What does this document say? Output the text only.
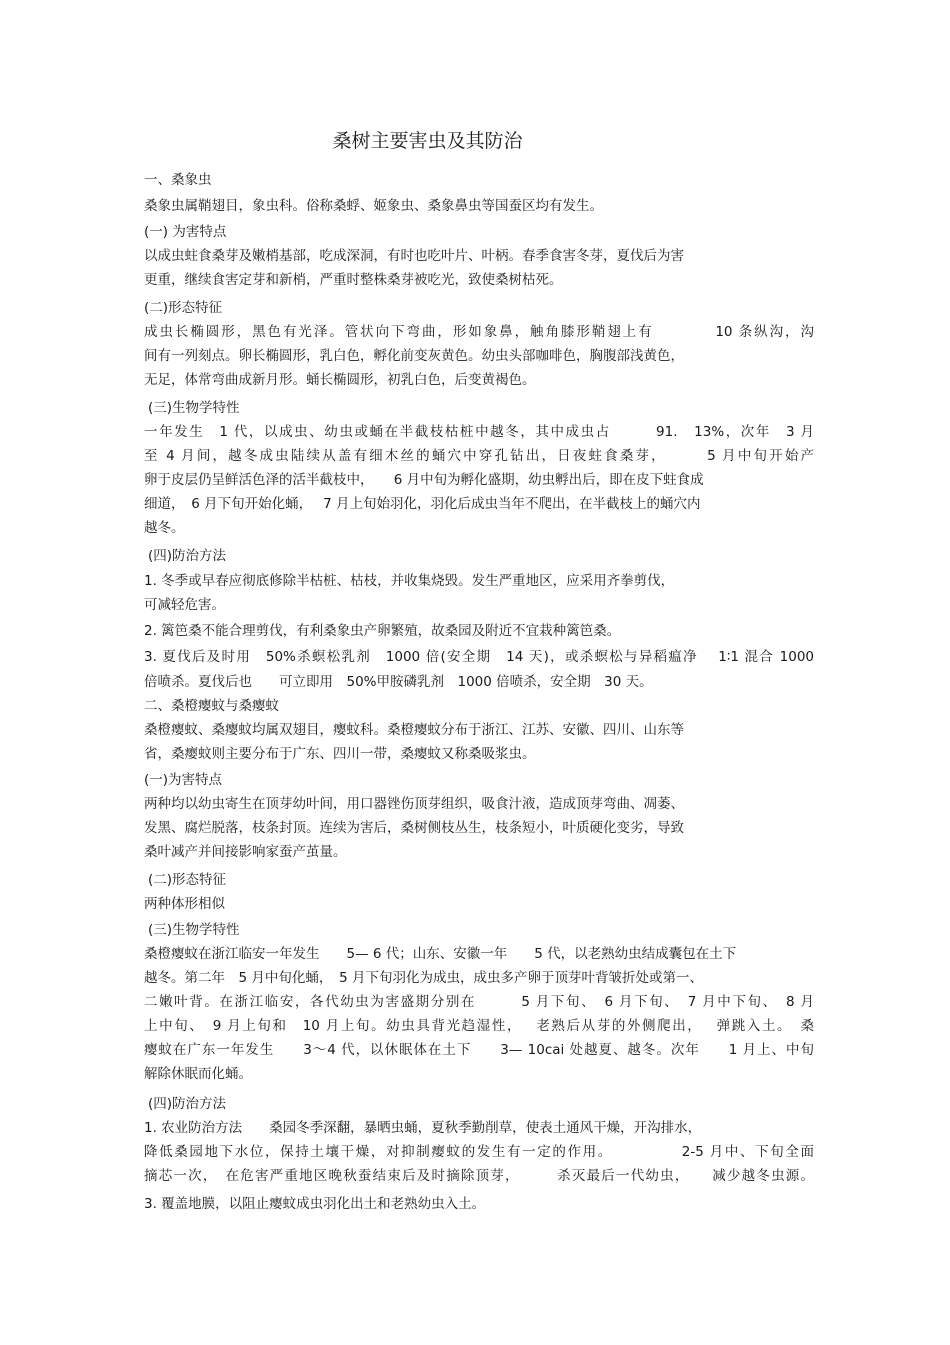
桑树主要害虫及其防治
一、桑象虫
桑象虫属鞘翅目，象虫科。俗称桑蜉、姬象虫、桑象鼻虫等国蚕区均有发生。
(一) 为害特点
以成虫蛀食桑芽及嫩梢基部，吃成深洞，有时也吃叶片、叶柄。春季食害冬芽，夏伐后为害
更重，继续食害定芽和新梢，严重时整株桑芽被吃光，致使桑树枯死。
(二)形态特征
成虫长椭圆形，黑色有光泽。管状向下弯曲，形如象鼻，触角膝形鞘翅上有　　　　10 条纵沟，沟
间有一列刻点。卵长椭圆形，乳白色，孵化前变灰黄色。幼虫头部咖啡色，胸腹部浅黄色，
无足，体常弯曲成新月形。蛹长椭圆形，初乳白色，后变黄褐色。
(三)生物学特性
一年发生　1 代，以成虫、幼虫或蛹在半截枝枯桩中越冬，其中成虫占　　　91.　13%，次年　3 月
至 4 月间，越冬成虫陆续从盖有细木丝的蛹穴中穿孔钻出，日夜蛀食桑芽，　　　5 月中旬开始产
卵于皮层仍呈鲜活色泽的活半截枝中，　　6 月中旬为孵化盛期，幼虫孵出后，即在皮下蛀食成
细道，　6 月下旬开始化蛹，　 7 月上旬始羽化，羽化后成虫当年不爬出，在半截枝上的蛹穴内
越冬。
(四)防治方法
1. 冬季或早春应彻底修除半枯桩、枯枝，并收集烧毁。发生严重地区，应采用齐拳剪伐，
可减轻危害。
2. 篱笆桑不能合理剪伐，有利桑象虫产卵繁殖，故桑园及附近不宜栽种篱笆桑。
3. 夏伐后及时用　50%杀螟松乳剂　1000 倍(安全期　14 天)，或杀螟松与异稻瘟净　 1∶1 混合 1000
倍喷杀。夏伐后也　　可立即用　50%甲胺磷乳剂　1000 倍喷杀，安全期　30 天。
二、桑橙瘿蚊与桑瘿蚊
桑橙瘿蚊、桑瘿蚊均属双翅目，瘿蚊科。桑橙瘿蚊分布于浙江、江苏、安徽、四川、山东等
省，桑瘿蚊则主要分布于广东、四川一带，桑瘿蚊又称桑吸浆虫。
(一)为害特点
两种均以幼虫寄生在顶芽幼叶间，用口器锉伤顶芽组织，吸食汁液，造成顶芽弯曲、凋萎、
发黑、腐烂脱落，枝条封顶。连续为害后，桑树侧枝丛生，枝条短小，叶质硬化变劣，导致
桑叶减产并间接影响家蚕产茧量。
(二)形态特征
两种体形相似
(三)生物学特性
桑橙瘿蚊在浙江临安一年发生　　5— 6 代；山东、安徽一年　　5 代，以老熟幼虫结成囊包在土下
越冬。第二年　5 月中旬化蛹，　5 月下旬羽化为成虫，成虫多产卵于顶芽叶背皱折处或第一、
二嫩叶背。在浙江临安，各代幼虫为害盛期分别在　　　5 月下旬、　6 月下旬、　7 月中下旬、　8 月
上中旬、　9 月上旬和　10 月上旬。幼虫具背光趋湿性，　 老熟后从芽的外侧爬出，　 弹跳入土。　桑
瘿蚊在广东一年发生　　3～4 代，以休眠体在土下　　3— 10cai 处越夏、越冬。次年　　1 月上、中旬
解除休眠而化蛹。
(四)防治方法
1. 农业防治方法　　桑园冬季深翻，暴晒虫蛹，夏秋季勤削草，使表土通风干燥，开沟排水，
降低桑园地下水位，保持土壤干燥，对抑制瘿蚊的发生有一定的作用。　　　　　2-5 月中、下旬全面
摘芯一次，　在危害严重地区晚秋蚕结束后及时摘除顶芽，　　　杀灭最后一代幼虫，　　减少越冬虫源。
3. 覆盖地膜，以阻止瘿蚊成虫羽化出土和老熟幼虫入土。
